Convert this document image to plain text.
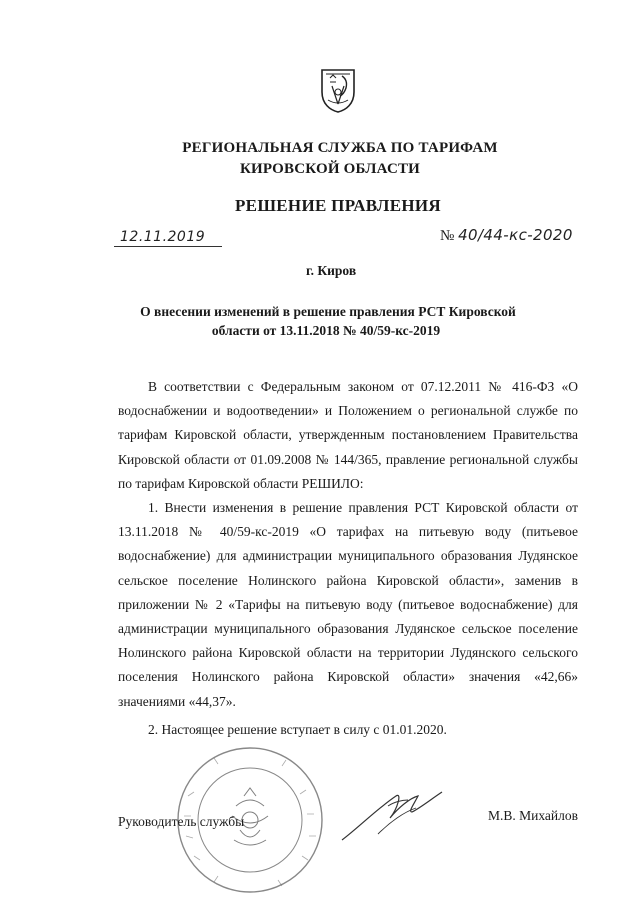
РЕГИОНАЛЬНАЯ СЛУЖБА ПО ТАРИФАМ
КИРОВСКОЙ ОБЛАСТИ
РЕШЕНИЕ ПРАВЛЕНИЯ
12.11.2019	№ 40/44-кс-2020
г. Киров
О внесении изменений в решение правления РСТ Кировской
области от 13.11.2018 № 40/59-кс-2019

В соответствии с Федеральным законом от 07.12.2011 № 416-ФЗ «О водоснабжении и водоотведении» и Положением о региональной службе по тарифам Кировской области, утвержденным постановлением Правительства Кировской области от 01.09.2008 № 144/365, правление региональной службы по тарифам Кировской области РЕШИЛО:

1. Внести изменения в решение правления РСТ Кировской области от 13.11.2018 № 40/59-кс-2019 «О тарифах на питьевую воду (питьевое водоснабжение) для администрации муниципального образования Лудянское сельское поселение Нолинского района Кировской области», заменив в приложении № 2 «Тарифы на питьевую воду (питьевое водоснабжение) для администрации муниципального образования Лудянское сельское поселение Нолинского района Кировской области на территории Лудянского сельского поселения Нолинского района Кировской области» значения «42,66» значениями «44,37».

2. Настоящее решение вступает в силу с 01.01.2020.

Руководитель службы	М.В. Михайлов
